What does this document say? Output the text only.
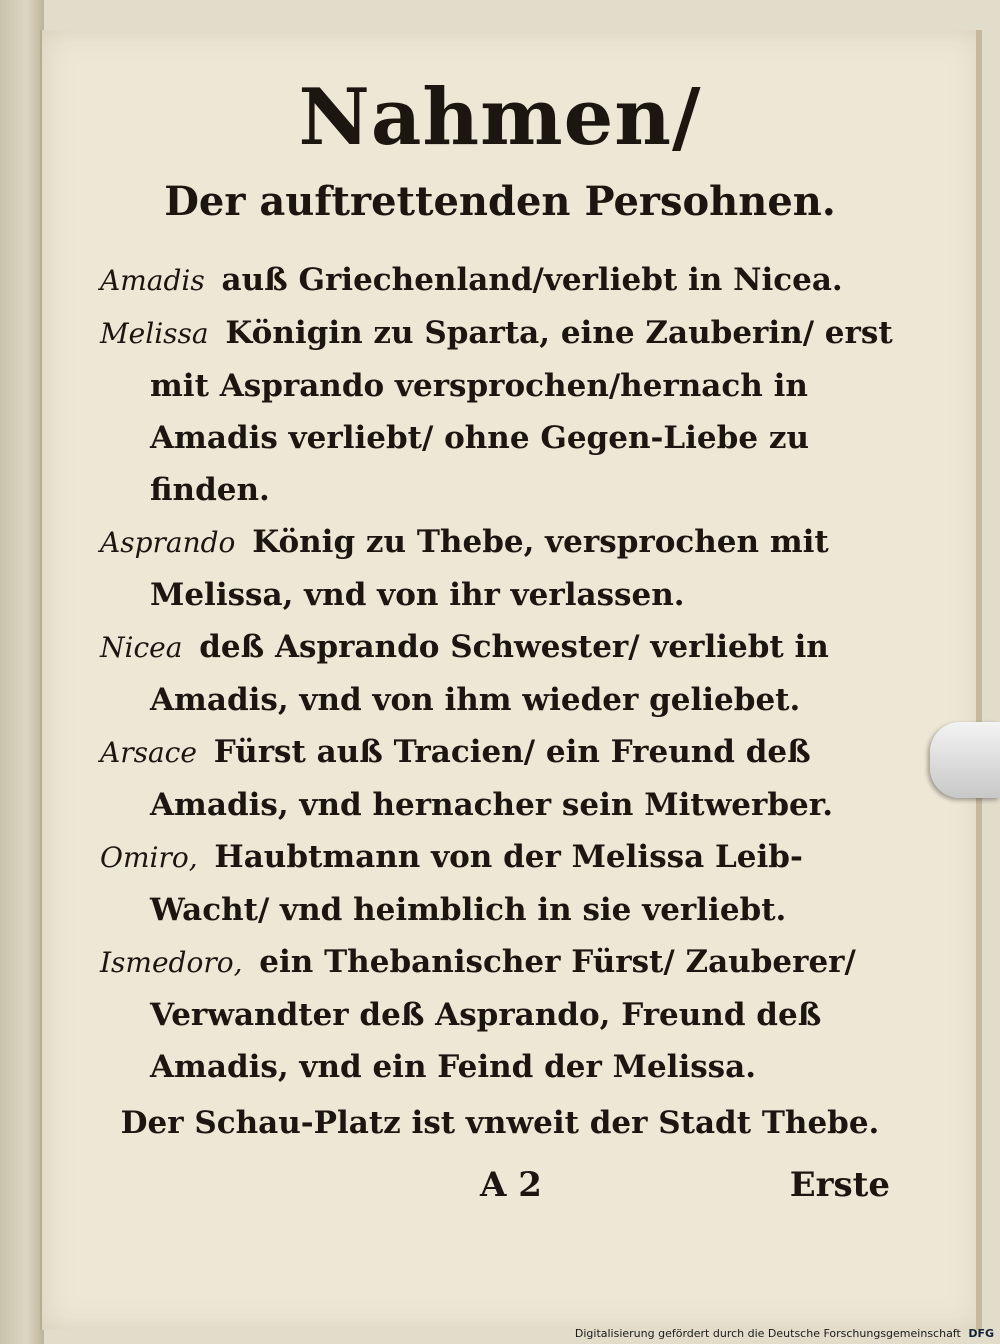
Nahmen/
Der auftrettenden Persohnen.

Amadis auß Griechenland/verliebt in Nicea.

Melissa Königin zu Sparta, eine Zauberin/ erst mit Asprando versprochen/hernach in Amadis verliebt/ ohne Gegen-Liebe zu finden.

Asprando König zu Thebe, versprochen mit Melissa, vnd von ihr verlassen.

Nicea deß Asprando Schwester/ verliebt in Amadis, vnd von ihm wieder geliebet.

Arsace Fürst auß Tracien/ ein Freund deß Amadis, vnd hernacher sein Mitwerber.

Omiro, Haubtmann von der Melissa Leib-Wacht/ vnd heimblich in sie verliebt.

Ismedoro, ein Thebanischer Fürst/ Zauberer/ Verwandter deß Asprando, Freund deß Amadis, vnd ein Feind der Melissa.

Der Schau-Platz ist vnweit der Stadt Thebe.

A 2	Erste
Digitalisierung gefördert durch die Deutsche Forschungsgemeinschaft DFG
